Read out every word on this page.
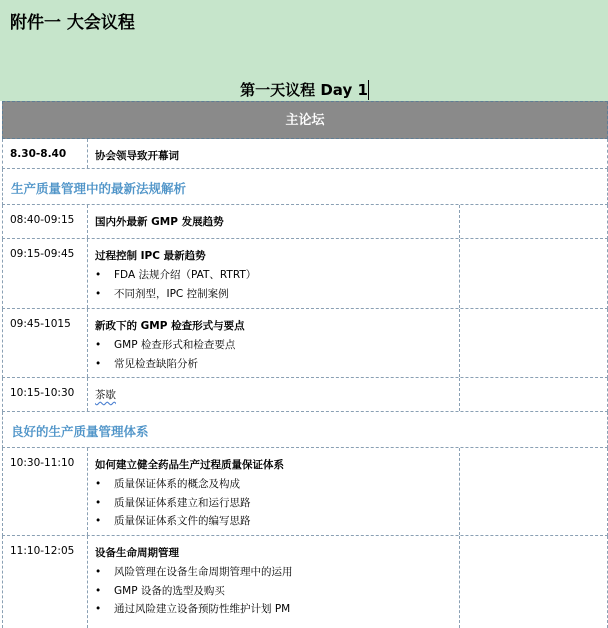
附件一 大会议程
第一天议程 Day 1
主论坛
8.30-8.40	协会领导致开幕词
生产质量管理中的最新法规解析
08:40-09:15	国内外最新 GMP 发展趋势
09:15-09:45	过程控制 IPC 最新趋势
• FDA 法规介绍（PAT、RTRT）
• 不同剂型，IPC 控制案例
09:45-1015	新政下的 GMP 检查形式与要点
• GMP 检查形式和检查要点
• 常见检查缺陷分析
10:15-10:30	茶歇
良好的生产质量管理体系
10:30-11:10	如何建立健全药品生产过程质量保证体系
• 质量保证体系的概念及构成
• 质量保证体系建立和运行思路
• 质量保证体系文件的编写思路
11:10-12:05	设备生命周期管理
• 风险管理在设备生命周期管理中的运用
• GMP 设备的选型及购买
• 通过风险建立设备预防性维护计划 PM
